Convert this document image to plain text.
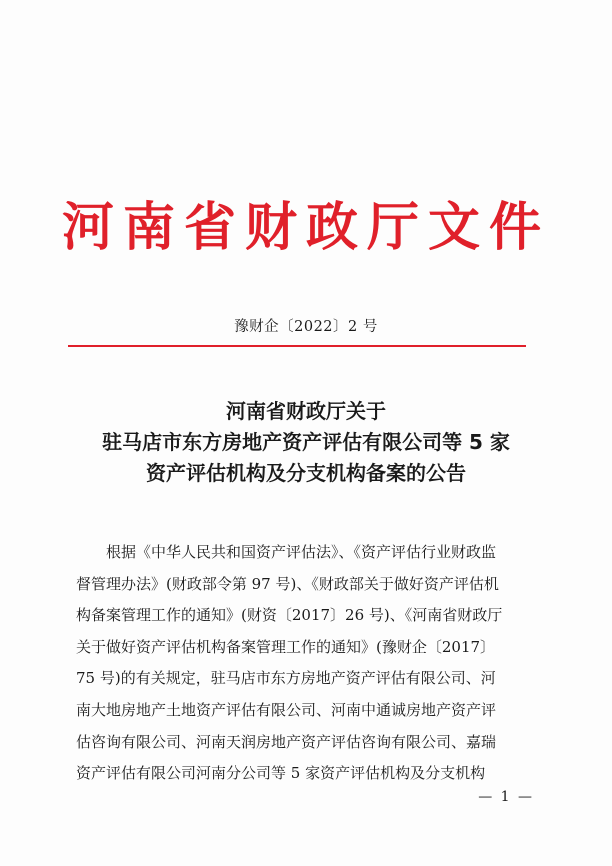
河南省财政厅文件
豫财企〔2022〕2 号
河南省财政厅关于
驻马店市东方房地产资产评估有限公司等 5 家
资产评估机构及分支机构备案的公告
根据《中华人民共和国资产评估法》、《资产评估行业财政监
督管理办法》(财政部令第 97 号)、《财政部关于做好资产评估机
构备案管理工作的通知》(财资〔2017〕26 号)、《河南省财政厅
关于做好资产评估机构备案管理工作的通知》(豫财企〔2017〕
75 号)的有关规定，驻马店市东方房地产资产评估有限公司、河
南大地房地产土地资产评估有限公司、河南中通诚房地产资产评
估咨询有限公司、河南天润房地产资产评估咨询有限公司、嘉瑞
资产评估有限公司河南分公司等 5 家资产评估机构及分支机构
— 1 —
